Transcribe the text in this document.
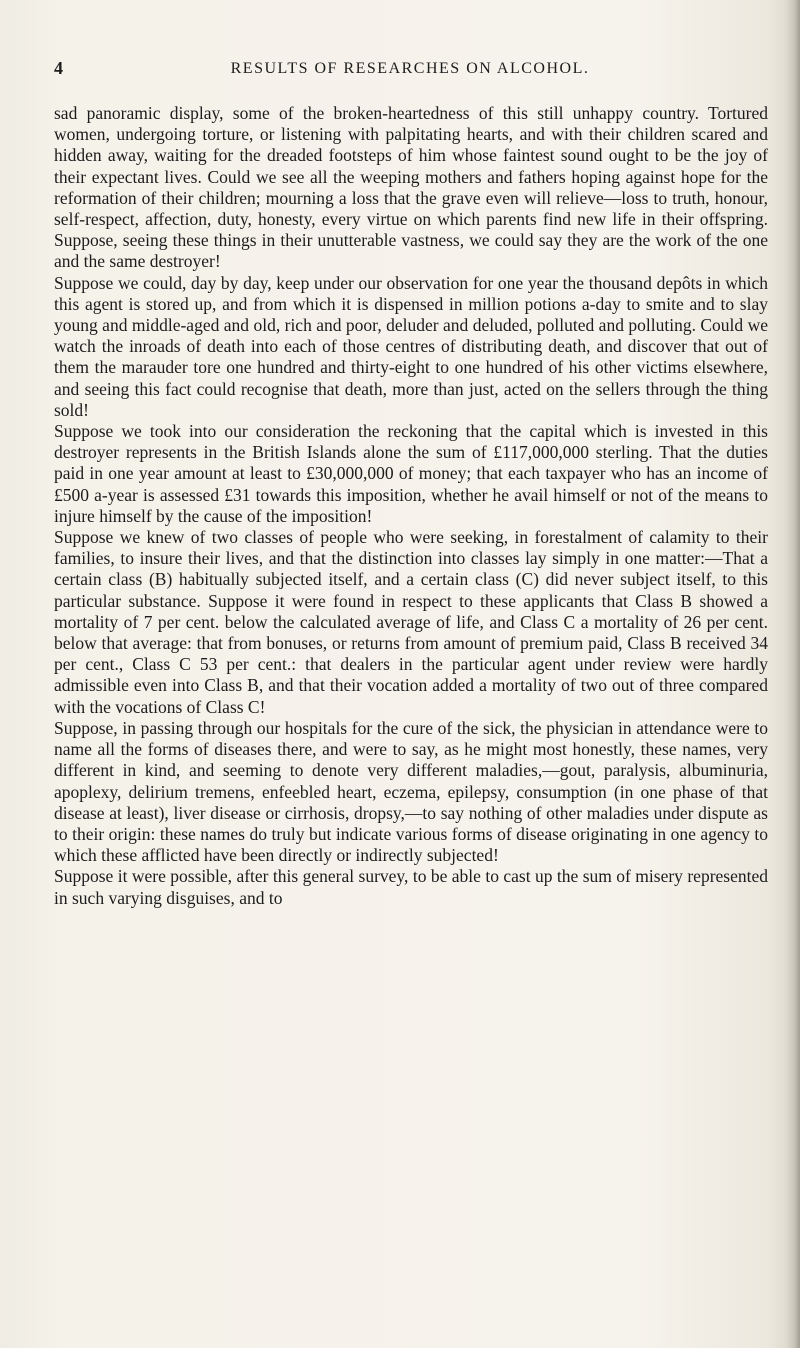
4	RESULTS OF RESEARCHES ON ALCOHOL.

sad panoramic display, some of the broken-heartedness of this still unhappy country. Tortured women, undergoing torture, or listening with palpitating hearts, and with their children scared and hidden away, waiting for the dreaded footsteps of him whose faintest sound ought to be the joy of their expectant lives. Could we see all the weeping mothers and fathers hoping against hope for the reformation of their children; mourning a loss that the grave even will relieve—loss to truth, honour, self-respect, affection, duty, honesty, every virtue on which parents find new life in their offspring. Suppose, seeing these things in their unutterable vastness, we could say they are the work of the one and the same destroyer!

Suppose we could, day by day, keep under our observation for one year the thousand depôts in which this agent is stored up, and from which it is dispensed in million potions a-day to smite and to slay young and middle-aged and old, rich and poor, deluder and deluded, polluted and polluting. Could we watch the inroads of death into each of those centres of distributing death, and discover that out of them the marauder tore one hundred and thirty-eight to one hundred of his other victims elsewhere, and seeing this fact could recognise that death, more than just, acted on the sellers through the thing sold!

Suppose we took into our consideration the reckoning that the capital which is invested in this destroyer represents in the British Islands alone the sum of £117,000,000 sterling. That the duties paid in one year amount at least to £30,000,000 of money; that each taxpayer who has an income of £500 a-year is assessed £31 towards this imposition, whether he avail himself or not of the means to injure himself by the cause of the imposition!

Suppose we knew of two classes of people who were seeking, in forestalment of calamity to their families, to insure their lives, and that the distinction into classes lay simply in one matter:—That a certain class (B) habitually subjected itself, and a certain class (C) did never subject itself, to this particular substance. Suppose it were found in respect to these applicants that Class B showed a mortality of 7 per cent. below the calculated average of life, and Class C a mortality of 26 per cent. below that average: that from bonuses, or returns from amount of premium paid, Class B received 34 per cent., Class C 53 per cent.: that dealers in the particular agent under review were hardly admissible even into Class B, and that their vocation added a mortality of two out of three compared with the vocations of Class C!

Suppose, in passing through our hospitals for the cure of the sick, the physician in attendance were to name all the forms of diseases there, and were to say, as he might most honestly, these names, very different in kind, and seeming to denote very different maladies,—gout, paralysis, albuminuria, apoplexy, delirium tremens, enfeebled heart, eczema, epilepsy, consumption (in one phase of that disease at least), liver disease or cirrhosis, dropsy,—to say nothing of other maladies under dispute as to their origin: these names do truly but indicate various forms of disease originating in one agency to which these afflicted have been directly or indirectly subjected!

Suppose it were possible, after this general survey, to be able to cast up the sum of misery represented in such varying disguises, and to
